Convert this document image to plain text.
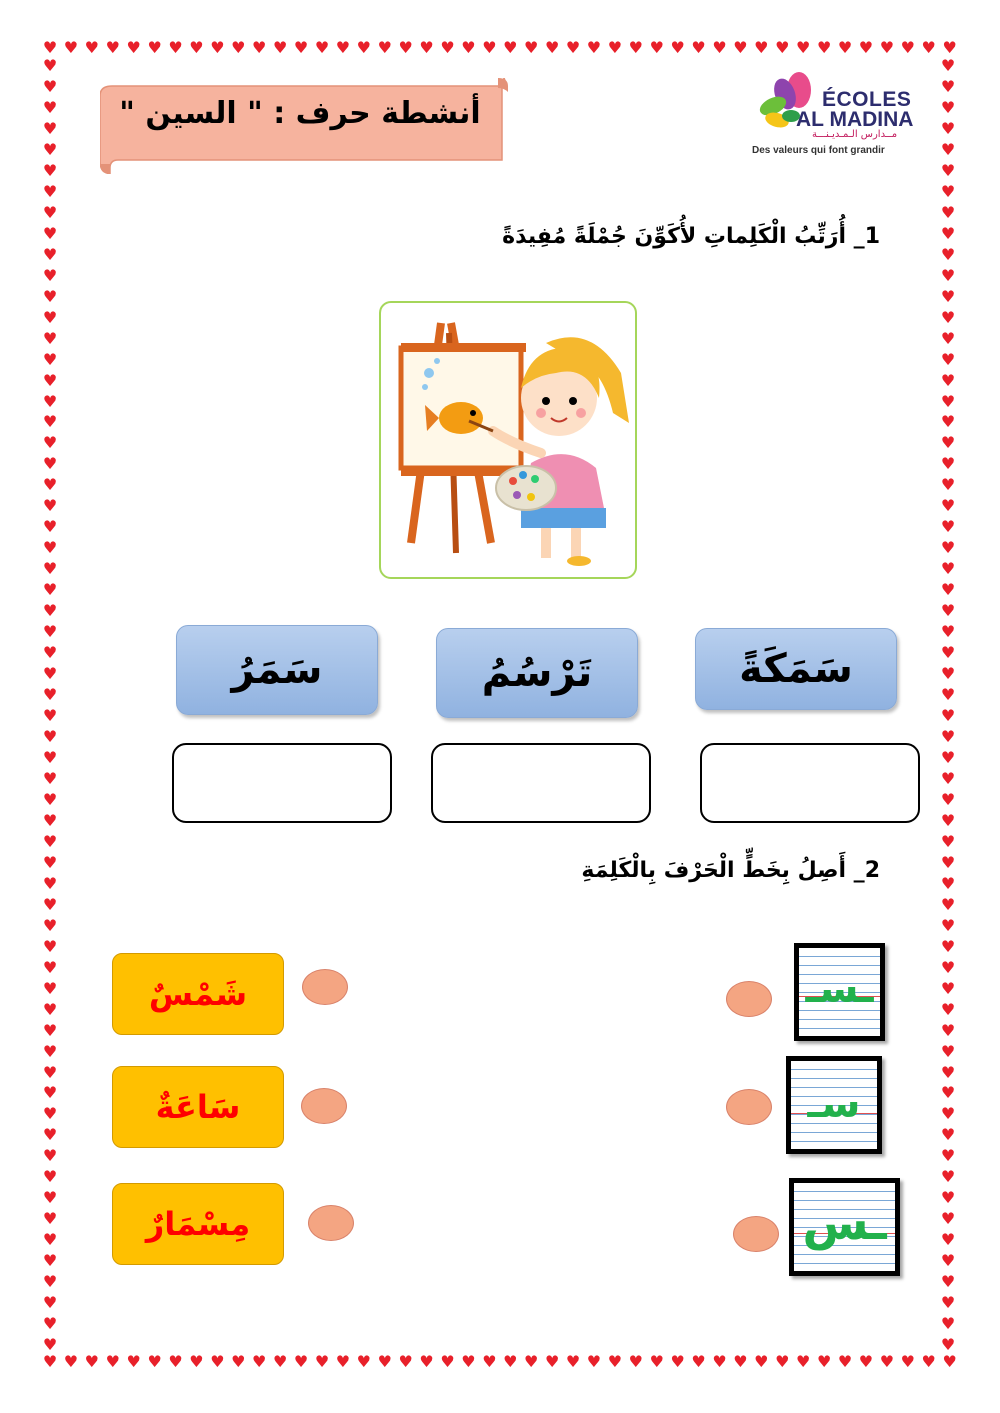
♥ ♥ ♥ ♥ ♥ ♥ ♥ ♥ ♥ ♥ ♥ ♥ ♥ ♥ ♥ ♥ ♥ ♥ ♥ ♥ ♥ ♥ ♥ ♥ ♥ ♥ ♥ ♥ ♥ ♥ ♥ ♥ ♥ ♥ ♥ ♥ ♥ ♥ ♥ ♥ ♥ ♥ ♥ ♥
♥ ♥ ♥ ♥ ♥ ♥ ♥ ♥ ♥ ♥ ♥ ♥ ♥ ♥ ♥ ♥ ♥ ♥ ♥ ♥ ♥ ♥ ♥ ♥ ♥ ♥ ♥ ♥ ♥ ♥ ♥ ♥ ♥ ♥ ♥ ♥ ♥ ♥ ♥ ♥ ♥ ♥ ♥ ♥
♥
♥
♥
♥
♥
♥
♥
♥
♥
♥
♥
♥
♥
♥
♥
♥
♥
♥
♥
♥
♥
♥
♥
♥
♥
♥
♥
♥
♥
♥
♥
♥
♥
♥
♥
♥
♥
♥
♥
♥
♥
♥
♥
♥
♥
♥
♥
♥
♥
♥
♥
♥
♥
♥
♥
♥
♥
♥
♥
♥
♥
♥
♥
♥
♥
♥
♥
♥
♥
♥
♥
♥
♥
♥
♥
♥
♥
♥
♥
♥
♥
♥
♥
♥
♥
♥
♥
♥
♥
♥
♥
♥
♥
♥
♥
♥
♥
♥
♥
♥
♥
♥
♥
♥
♥
♥
♥
♥
♥
♥
♥
♥
♥
♥
♥
♥
♥
♥
♥
♥
♥
♥
♥
♥
أنشطة حرف : " السين "	ÉCOLES
AL MADINA
مــدارس الـمـديـنـــة
Des valeurs qui font grandir
1_ أُرَتِّبُ الْكَلِماتِ لأُكَوِّنَ جُمْلَةً مُفِيدَةً
سَمَرُ	تَرْسُمُ	سَمَكَةً
2_ أَصِلُ بِخَطٍّ الْحَرْفَ بِالْكَلِمَةِ
شَمْسٌ
سَاعَةٌ
مِسْمَارٌ
ـسـ
سـ
ـس
